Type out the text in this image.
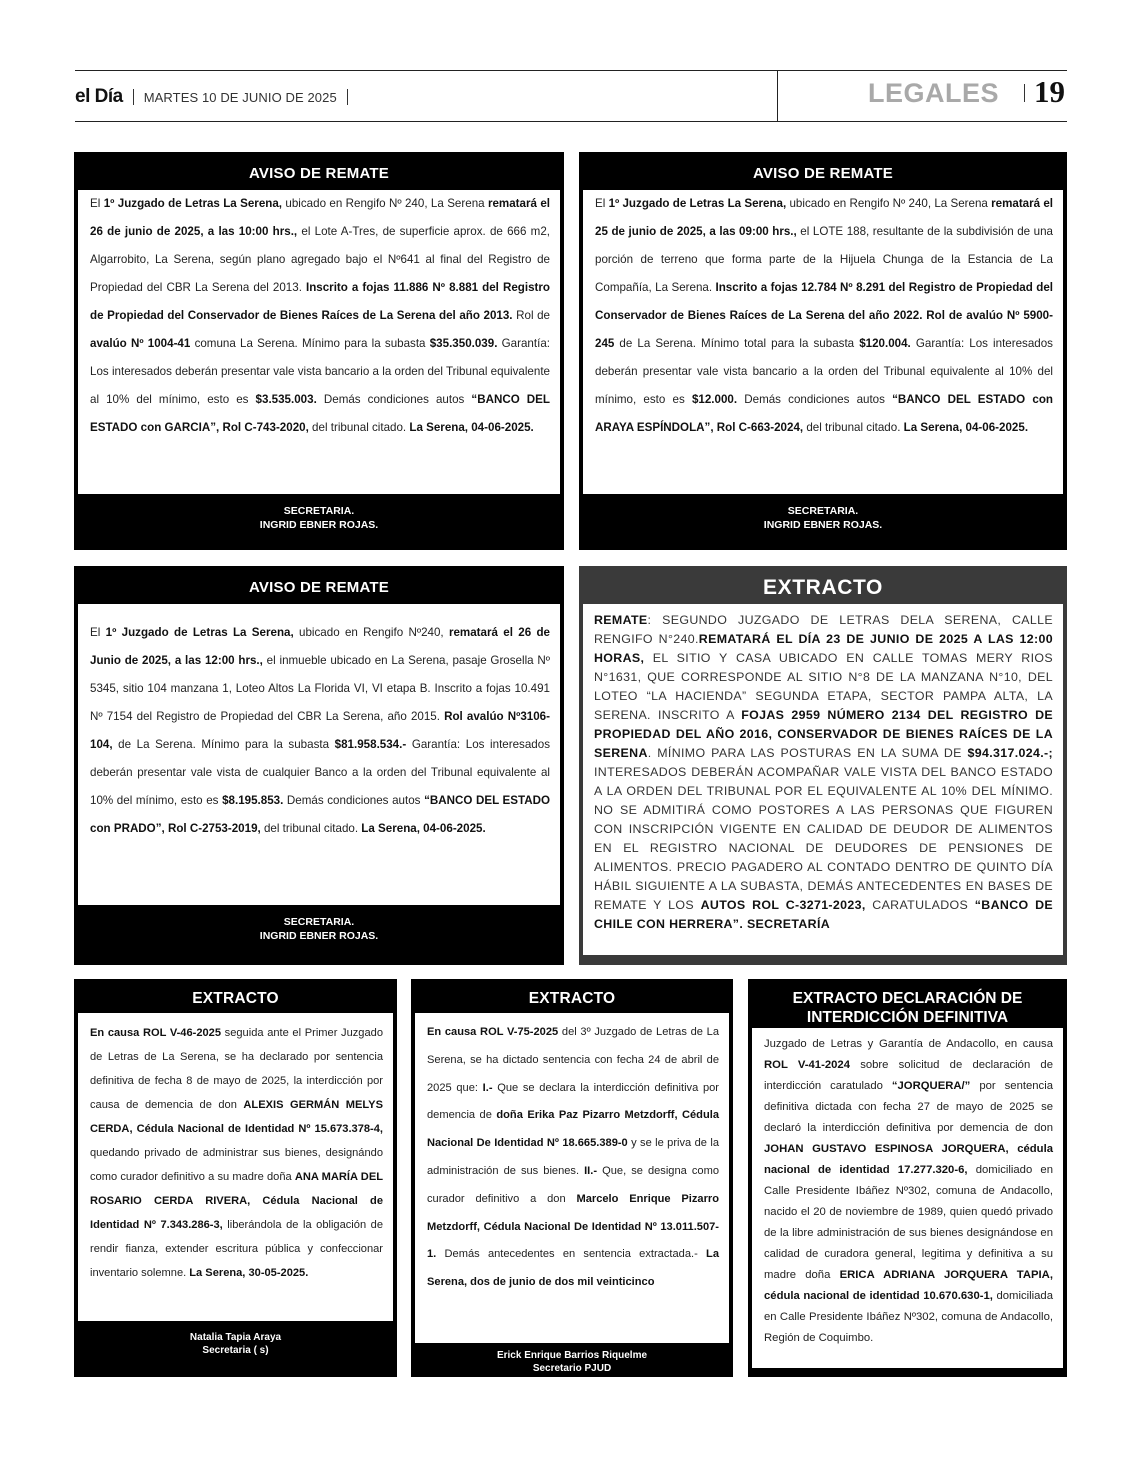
el Día MARTES 10 DE JUNIO DE 2025	LEGALES 19
AVISO DE REMATE
El 1º Juzgado de Letras La Serena, ubicado en Rengifo Nº 240, La Serena rematará el 26 de junio de 2025, a las 10:00 hrs., el Lote A-Tres, de superficie aprox. de 666 m2, Algarrobito, La Serena, según plano agregado bajo el Nº641 al final del Registro de Propiedad del CBR La Serena del 2013. Inscrito a fojas 11.886 Nº 8.881 del Registro de Propiedad del Conservador de Bienes Raíces de La Serena del año 2013. Rol de avalúo Nº 1004-41 comuna La Serena. Mínimo para la subasta $35.350.039. Garantía: Los interesados deberán presentar vale vista bancario a la orden del Tribunal equivalente al 10% del mínimo, esto es $3.535.003. Demás condiciones autos “BANCO DEL ESTADO con GARCIA”, Rol C-743-2020, del tribunal citado. La Serena, 04-06-2025.
SECRETARIA.
INGRID EBNER ROJAS.
AVISO DE REMATE
El 1º Juzgado de Letras La Serena, ubicado en Rengifo Nº 240, La Serena rematará el 25 de junio de 2025, a las 09:00 hrs., el LOTE 188, resultante de la subdivisión de una porción de terreno que forma parte de la Hijuela Chunga de la Estancia de La Compañía, La Serena. Inscrito a fojas 12.784 Nº 8.291 del Registro de Propiedad del Conservador de Bienes Raíces de La Serena del año 2022. Rol de avalúo Nº 5900-245 de La Serena. Mínimo total para la subasta $120.004. Garantía: Los interesados deberán presentar vale vista bancario a la orden del Tribunal equivalente al 10% del mínimo, esto es $12.000. Demás condiciones autos “BANCO DEL ESTADO con ARAYA ESPÍNDOLA”, Rol C-663-2024, del tribunal citado. La Serena, 04-06-2025.
SECRETARIA.
INGRID EBNER ROJAS.
AVISO DE REMATE
El 1º Juzgado de Letras La Serena, ubicado en Rengifo Nº240, rematará el 26 de Junio de 2025, a las 12:00 hrs., el inmueble ubicado en La Serena, pasaje Grosella Nº 5345, sitio 104 manzana 1, Loteo Altos La Florida VI, VI etapa B. Inscrito a fojas 10.491 Nº 7154 del Registro de Propiedad del CBR La Serena, año 2015. Rol avalúo Nº3106-104, de La Serena. Mínimo para la subasta $81.958.534.- Garantía: Los interesados deberán presentar vale vista de cualquier Banco a la orden del Tribunal equivalente al 10% del mínimo, esto es $8.195.853. Demás condiciones autos “BANCO DEL ESTADO con PRADO”, Rol C-2753-2019, del tribunal citado. La Serena, 04-06-2025.
SECRETARIA.
INGRID EBNER ROJAS.
EXTRACTO
REMATE: SEGUNDO JUZGADO DE LETRAS DELA SERENA, CALLE RENGIFO N°240.REMATARÁ EL DÍA 23 DE JUNIO DE 2025 A LAS 12:00 HORAS, EL SITIO Y CASA UBICADO EN CALLE TOMAS MERY RIOS N°1631, QUE CORRESPONDE AL SITIO N°8 DE LA MANZANA N°10, DEL LOTEO “LA HACIENDA” SEGUNDA ETAPA, SECTOR PAMPA ALTA, LA SERENA. INSCRITO A FOJAS 2959 NÚMERO 2134 DEL REGISTRO DE PROPIEDAD DEL AÑO 2016, CONSERVADOR DE BIENES RAÍCES DE LA SERENA. MÍNIMO PARA LAS POSTURAS EN LA SUMA DE $94.317.024.-; INTERESADOS DEBERÁN ACOMPAÑAR VALE VISTA DEL BANCO ESTADO A LA ORDEN DEL TRIBUNAL POR EL EQUIVALENTE AL 10% DEL MÍNIMO. NO SE ADMITIRÁ COMO POSTORES A LAS PERSONAS QUE FIGUREN CON INSCRIPCIÓN VIGENTE EN CALIDAD DE DEUDOR DE ALIMENTOS EN EL REGISTRO NACIONAL DE DEUDORES DE PENSIONES DE ALIMENTOS. PRECIO PAGADERO AL CONTADO DENTRO DE QUINTO DÍA HÁBIL SIGUIENTE A LA SUBASTA, DEMÁS ANTECEDENTES EN BASES DE REMATE Y LOS AUTOS ROL C-3271-2023, CARATULADOS “BANCO DE CHILE CON HERRERA”. SECRETARÍA
EXTRACTO
En causa ROL V-46-2025 seguida ante el Primer Juzgado de Letras de La Serena, se ha declarado por sentencia definitiva de fecha 8 de mayo de 2025, la interdicción por causa de demencia de don ALEXIS GERMÁN MELYS CERDA, Cédula Nacional de Identidad Nº 15.673.378-4, quedando privado de administrar sus bienes, designándo como curador definitivo a su madre doña ANA MARÍA DEL ROSARIO CERDA RIVERA, Cédula Nacional de Identidad Nº 7.343.286-3, liberándola de la obligación de rendir fianza, extender escritura pública y confeccionar inventario solemne. La Serena, 30-05-2025.
Natalia Tapia Araya
Secretaria ( s)
EXTRACTO
En causa ROL V-75-2025 del 3º Juzgado de Letras de La Serena, se ha dictado sentencia con fecha 24 de abril de 2025 que: I.- Que se declara la interdicción definitiva por demencia de doña Erika Paz Pizarro Metzdorff, Cédula Nacional De Identidad Nº 18.665.389-0 y se le priva de la administración de sus bienes. II.- Que, se designa como curador definitivo a don Marcelo Enrique Pizarro Metzdorff, Cédula Nacional De Identidad Nº 13.011.507-1. Demás antecedentes en sentencia extractada.- La Serena, dos de junio de dos mil veinticinco
Erick Enrique Barrios Riquelme
Secretario PJUD
EXTRACTO DECLARACIÓN DE INTERDICCIÓN DEFINITIVA
Juzgado de Letras y Garantía de Andacollo, en causa ROL V-41-2024 sobre solicitud de declaración de interdicción caratulado “JORQUERA/” por sentencia definitiva dictada con fecha 27 de mayo de 2025 se declaró la interdicción definitiva por demencia de don JOHAN GUSTAVO ESPINOSA JORQUERA, cédula nacional de identidad 17.277.320-6, domiciliado en Calle Presidente Ibáñez Nº302, comuna de Andacollo, nacido el 20 de noviembre de 1989, quien quedó privado de la libre administración de sus bienes designándose en calidad de curadora general, legitima y definitiva a su madre doña ERICA ADRIANA JORQUERA TAPIA, cédula nacional de identidad 10.670.630-1, domiciliada en Calle Presidente Ibáñez Nº302, comuna de Andacollo, Región de Coquimbo.
